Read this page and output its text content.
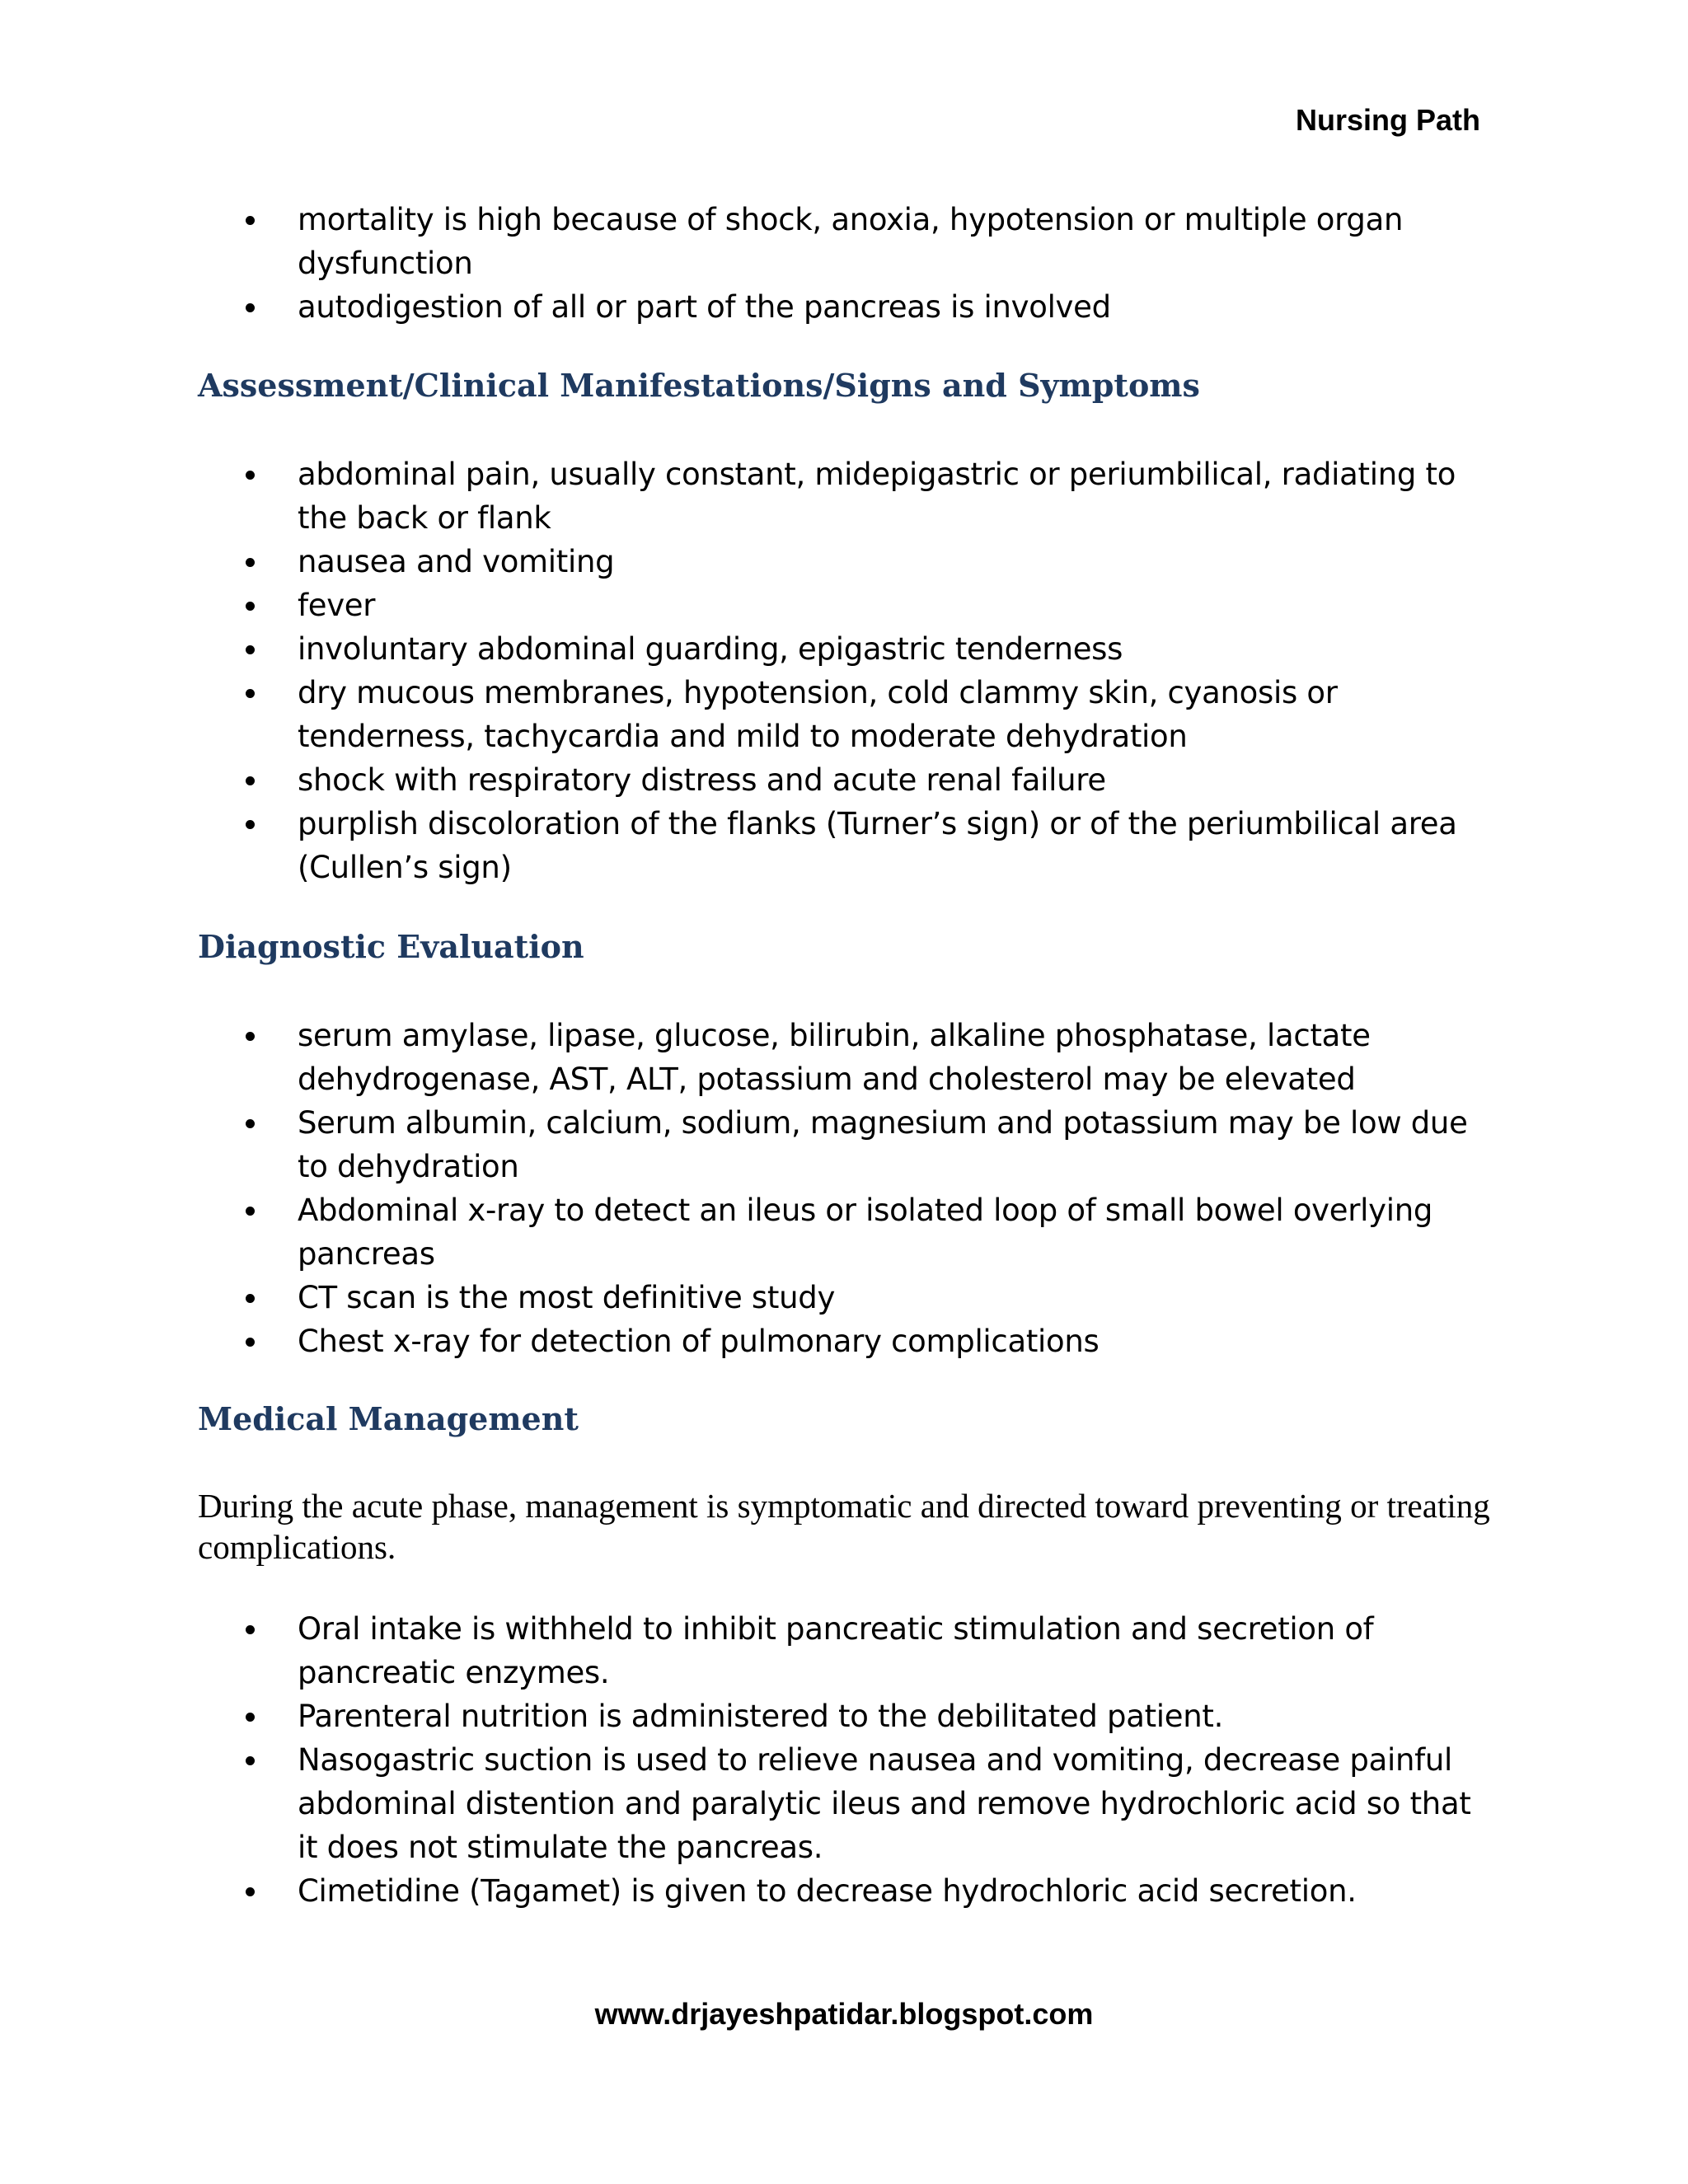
Nursing Path
mortality is high because of shock, anoxia, hypotension or multiple organ dysfunction
autodigestion of all or part of the pancreas is involved
Assessment/Clinical Manifestations/Signs and Symptoms
abdominal pain, usually constant, midepigastric or periumbilical, radiating to the back or flank
nausea and vomiting
fever
involuntary abdominal guarding, epigastric tenderness
dry mucous membranes, hypotension, cold clammy skin, cyanosis or tenderness, tachycardia and mild to moderate dehydration
shock with respiratory distress and acute renal failure
purplish discoloration of the flanks (Turner’s sign) or of the periumbilical area (Cullen’s sign)
Diagnostic Evaluation
serum amylase, lipase, glucose, bilirubin, alkaline phosphatase, lactate dehydrogenase, AST, ALT, potassium and cholesterol may be elevated
Serum albumin, calcium, sodium, magnesium and potassium may be low due to dehydration
Abdominal x-ray to detect an ileus or isolated loop of small bowel overlying pancreas
CT scan is the most definitive study
Chest x-ray for detection of pulmonary complications
Medical Management
During the acute phase, management is symptomatic and directed toward preventing or treating complications.
Oral intake is withheld to inhibit pancreatic stimulation and secretion of pancreatic enzymes.
Parenteral nutrition is administered to the debilitated patient.
Nasogastric suction is used to relieve nausea and vomiting, decrease painful abdominal distention and paralytic ileus and remove hydrochloric acid so that it does not stimulate the pancreas.
Cimetidine (Tagamet) is given to decrease hydrochloric acid secretion.
www.drjayeshpatidar.blogspot.com
